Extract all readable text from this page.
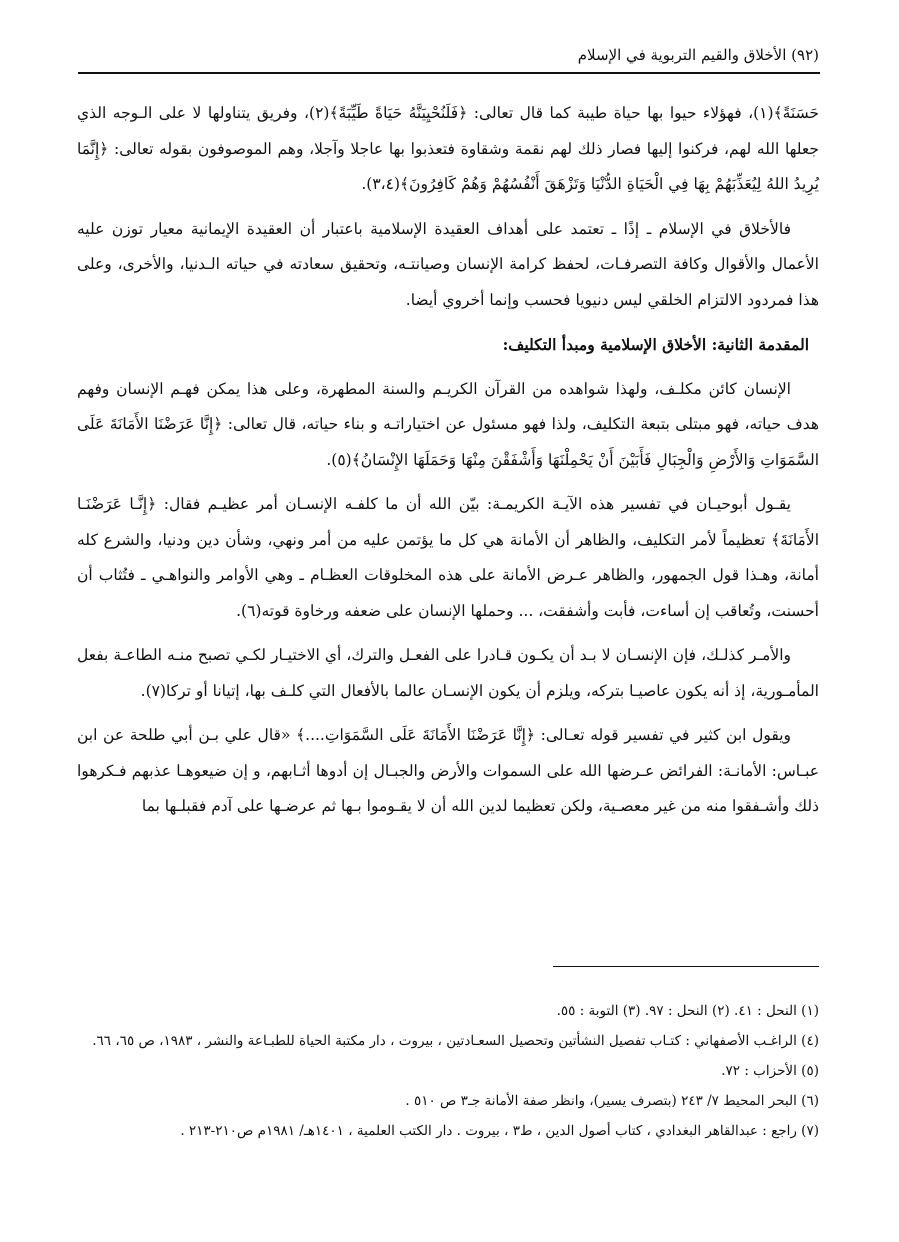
(٩٢) الأخلاق والقيم التربوية في الإسلام

حَسَنَةً﴾(١)، فهؤلاء حيوا بها حياة طيبة كما قال تعالى: ﴿فَلَنُحْيِيَنَّهُ حَيَاةً طَيِّبَةً﴾(٢)، وفريق يتناولها لا على الـوجه الذي جعلها الله لهم، فركنوا إليها فصار ذلك لهم نقمة وشقاوة فتعذبوا بها عاجلا وآجلا، وهم الموصوفون بقوله تعالى: ﴿إِنَّمَا يُرِيدُ اللهُ لِيُعَذِّبَهُمْ بِهَا فِي الْحَيَاةِ الدُّنْيَا وَتَزْهَقَ أَنْفُسُهُمْ وَهُمْ كَافِرُونَ﴾(٣،٤).

فالأخلاق في الإسلام ـ إذًا ـ تعتمد على أهداف العقيدة الإسلامية باعتبار أن العقيدة الإيمانية معيار توزن عليه الأعمال والأقوال وكافة التصرفـات، لحفظ كرامة الإنسان وصيانتـه، وتحقيق سعادته في حياته الـدنيا، والأخرى، وعلى هذا فمردود الالتزام الخلقي ليس دنيويا فحسب وإنما أخروي أيضا.

المقدمة الثانية: الأخلاق الإسلامية ومبدأ التكليف:

الإنسان كائن مكلـف، ولهذا شواهده من القرآن الكريـم والسنة المطهرة، وعلى هذا يمكن فهـم الإنسان وفهم هدف حياته، فهو مبتلى بتبعة التكليف، ولذا فهو مسئول عن اختياراتـه و بناء حياته، قال تعالى: ﴿إِنَّا عَرَضْنَا الأَمَانَةَ عَلَى السَّمَوَاتِ وَالأَرْضِ وَالْجِبَالِ فَأَبَيْنَ أَنْ يَحْمِلْنَهَا وَأَشْفَقْنَ مِنْهَا وَحَمَلَهَا الإِنْسَانُ﴾(٥).

يقـول أبوحيـان في تفسير هذه الآيـة الكريمـة: بيّن الله أن ما كلفـه الإنسـان أمر عظيـم فقال: ﴿إِنَّـا عَرَضْنَـا الأَمَانَةَ﴾ تعظيماً لأمر التكليف، والظاهر أن الأمانة هي كل ما يؤتمن عليه من أمر ونهي، وشأن دين ودنيا، والشرع كله أمانة، وهـذا قول الجمهور، والظاهر عـرض الأمانة على هذه المخلوقات العظـام ـ وهي الأوامر والنواهـي ـ فتُثاب أن أحسنت، وتُعاقب إن أساءت، فأبت وأشفقت، ... وحملها الإنسان على ضعفه ورخاوة قوته(٦).

والأمـر كذلـك، فإن الإنسـان لا بـد أن يكـون قـادرا على الفعـل والترك، أي الاختيـار لكـي تصبح منـه الطاعـة بفعل المأمـورية، إذ أنه يكون عاصيـا بتركه، ويلزم أن يكون الإنسـان عالما بالأفعال التي كلـف بها، إتيانا أو تركا(٧).

ويقول ابن كثير في تفسير قوله تعـالى: ﴿إِنَّا عَرَضْنَا الأَمَانَةَ عَلَى السَّمَوَاتِ....﴾ «قال علي بـن أبي طلحة عن ابن عبـاس: الأمانـة: الفرائض عـرضها الله على السموات والأرض والجبـال إن أدوها أثـابهم، و إن ضيعوهـا عذبهم فـكرهوا ذلك وأشـفقوا منه من غير معصـية، ولكن تعظيما لدين الله أن لا يقـوموا بـها ثم عرضـها على آدم فقبلـها بما

(١) النحل : ٤١. (٢) النحل : ٩٧. (٣) التوبة : ٥٥.

(٤) الراغـب الأصفهاني : كتـاب تفصيل النشأتين وتحصيل السعـادتين ، بيروت ، دار مكتبة الحياة للطبـاعة والنشر ، ١٩٨٣، ص ٦٥، ٦٦.

(٥) الأحزاب : ٧٢.

(٦) البحر المحيط ٧/ ٢٤٣ (بتصرف يسير)، وانظر صفة الأمانة جـ٣ ص ٥١٠ .

(٧) راجع : عبدالقاهر البغدادي ، كتاب أصول الدين ، ط٣ ، بيروت . دار الكتب العلمية ، ١٤٠١هـ/ ١٩٨١م ص٢١٠-٢١٣ .
